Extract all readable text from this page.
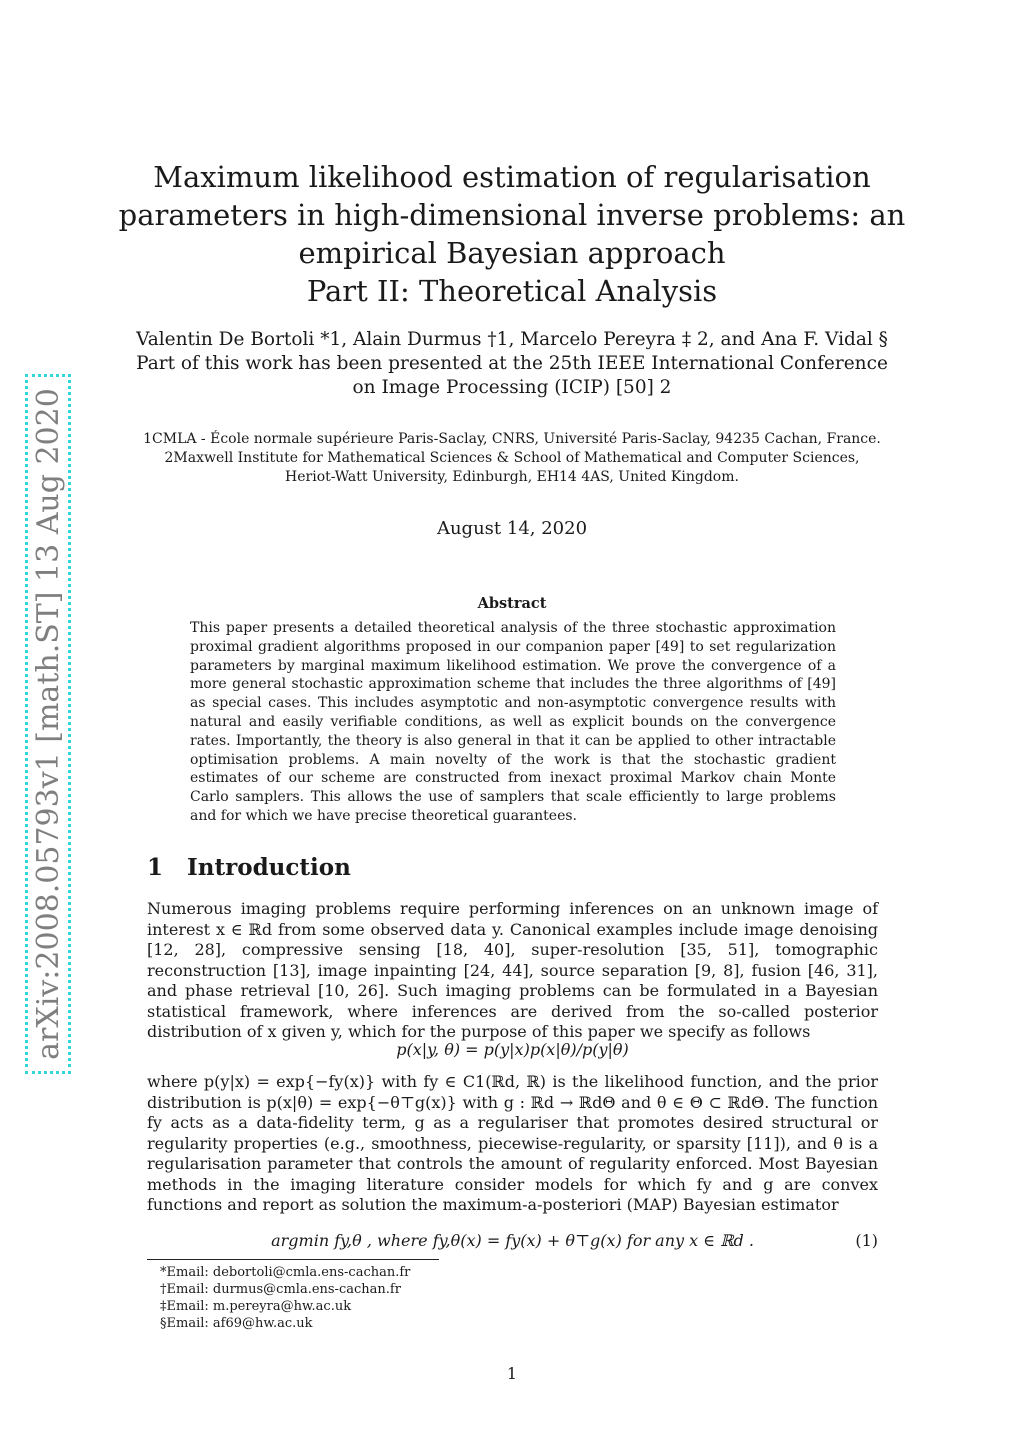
arXiv:2008.05793v1 [math.ST] 13 Aug 2020
Maximum likelihood estimation of regularisation
parameters in high-dimensional inverse problems: an
empirical Bayesian approach
Part II: Theoretical Analysis
Valentin De Bortoli *1, Alain Durmus †1, Marcelo Pereyra ‡ 2, and Ana F. Vidal §
Part of this work has been presented at the 25th IEEE International Conference
on Image Processing (ICIP) [50] 2
1CMLA - École normale supérieure Paris-Saclay, CNRS, Université Paris-Saclay, 94235 Cachan, France.
2Maxwell Institute for Mathematical Sciences & School of Mathematical and Computer Sciences,
Heriot-Watt University, Edinburgh, EH14 4AS, United Kingdom.
August 14, 2020
Abstract
This paper presents a detailed theoretical analysis of the three stochastic approximation proximal gradient algorithms proposed in our companion paper [49] to set regularization parameters by marginal maximum likelihood estimation. We prove the convergence of a more general stochastic approximation scheme that includes the three algorithms of [49] as special cases. This includes asymptotic and non-asymptotic convergence results with natural and easily verifiable conditions, as well as explicit bounds on the convergence rates. Importantly, the theory is also general in that it can be applied to other intractable optimisation problems. A main novelty of the work is that the stochastic gradient estimates of our scheme are constructed from inexact proximal Markov chain Monte Carlo samplers. This allows the use of samplers that scale efficiently to large problems and for which we have precise theoretical guarantees.
1 Introduction
Numerous imaging problems require performing inferences on an unknown image of interest x ∈ ℝd from some observed data y. Canonical examples include image denoising [12, 28], compressive sensing [18, 40], super-resolution [35, 51], tomographic reconstruction [13], image inpainting [24, 44], source separation [9, 8], fusion [46, 31], and phase retrieval [10, 26]. Such imaging problems can be formulated in a Bayesian statistical framework, where inferences are derived from the so-called posterior distribution of x given y, which for the purpose of this paper we specify as follows
p(x|y, θ) = p(y|x)p(x|θ)/p(y|θ)
where p(y|x) = exp{−fy(x)} with fy ∈ C1(ℝd, ℝ) is the likelihood function, and the prior distribution is p(x|θ) = exp{−θ⊤g(x)} with g : ℝd → ℝdΘ and θ ∈ Θ ⊂ ℝdΘ. The function fy acts as a data-fidelity term, g as a regulariser that promotes desired structural or regularity properties (e.g., smoothness, piecewise-regularity, or sparsity [11]), and θ is a regularisation parameter that controls the amount of regularity enforced. Most Bayesian methods in the imaging literature consider models for which fy and g are convex functions and report as solution the maximum-a-posteriori (MAP) Bayesian estimator
argmin fy,θ , where fy,θ(x) = fy(x) + θ⊤g(x) for any x ∈ ℝd .	(1)
*Email: debortoli@cmla.ens-cachan.fr
†Email: durmus@cmla.ens-cachan.fr
‡Email: m.pereyra@hw.ac.uk
§Email: af69@hw.ac.uk
1
